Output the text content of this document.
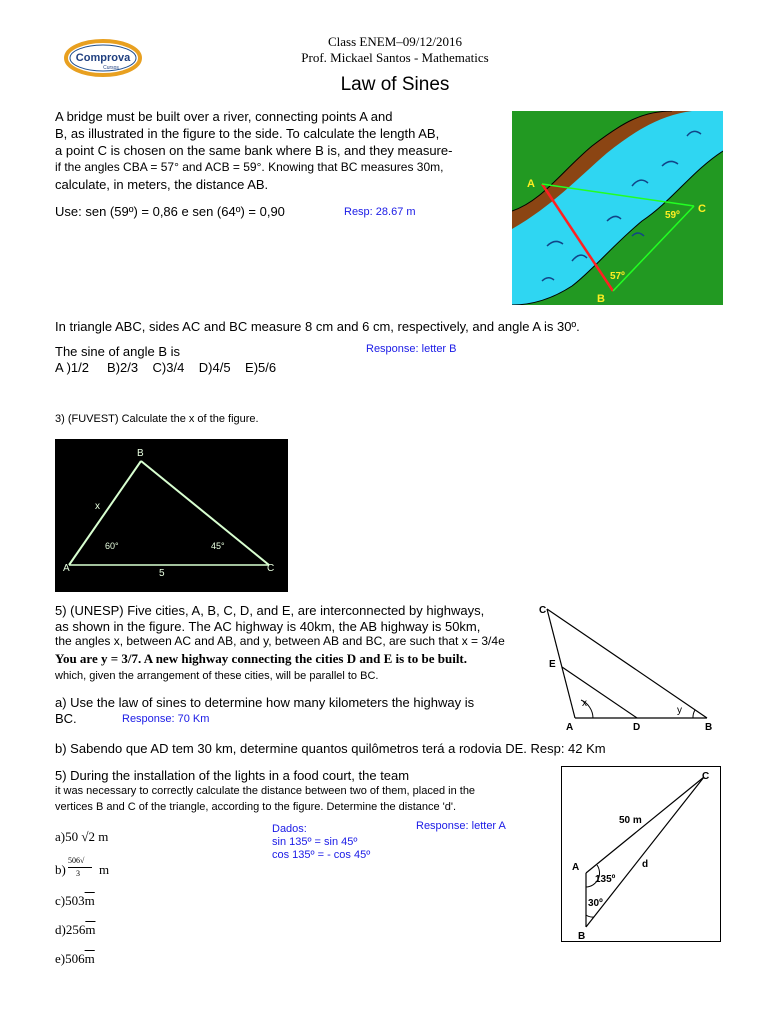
Comprova
Cursos
Class ENEM–09/12/2016
Prof. Mickael Santos - Mathematics
Law of Sines
A bridge must be built over a river, connecting points A and
B, as illustrated in the figure to the side. To calculate the length AB,
a point C is chosen on the same bank where B is, and they measure-
if the angles CBA = 57° and ACB = 59°. Knowing that BC measures 30m,
calculate, in meters, the distance AB.
Use: sen (59º) = 0,86 e sen (64º) = 0,90	Resp: 28.67 m
A
B
C
59º
57º
In triangle ABC, sides AC and BC measure 8 cm and 6 cm, respectively, and angle A is 30º.
The sine of angle B is	Response: letter B
A )1/2     B)2/3    C)3/4    D)4/5    E)5/6
3) (FUVEST) Calculate the x of the figure.
A
B
C
x
60°	45°
5
5) (UNESP) Five cities, A, B, C, D, and E, are interconnected by highways,
as shown in the figure. The AC highway is 40km, the AB highway is 50km,
the angles x, between AC and AB, and y, between AB and BC, are such that x = 3/4e
You are y = 3/7. A new highway connecting the cities D and E is to be built.
which, given the arrangement of these cities, will be parallel to BC.
a) Use the law of sines to determine how many kilometers the highway is
BC.	Response: 70 Km
b) Sabendo que AD tem 30 km, determine quantos quilômetros terá a rodovia DE. Resp: 42 Km
C
E
A	D	B
x
y
5) During the installation of the lights in a food court, the team
it was necessary to correctly calculate the distance between two of them, placed in the
vertices B and C of the triangle, according to the figure. Determine the distance 'd'.
Dados:
sin 135º = sin 45º
cos 135º = - cos 45º
Response: letter A
a)50 √2 m
b)
506√
3 m
$c)503\overline{m}$
$d)256\overline{m}$
$e)506\overline{m}$
C
A
B
50 m
d
135º
30º
